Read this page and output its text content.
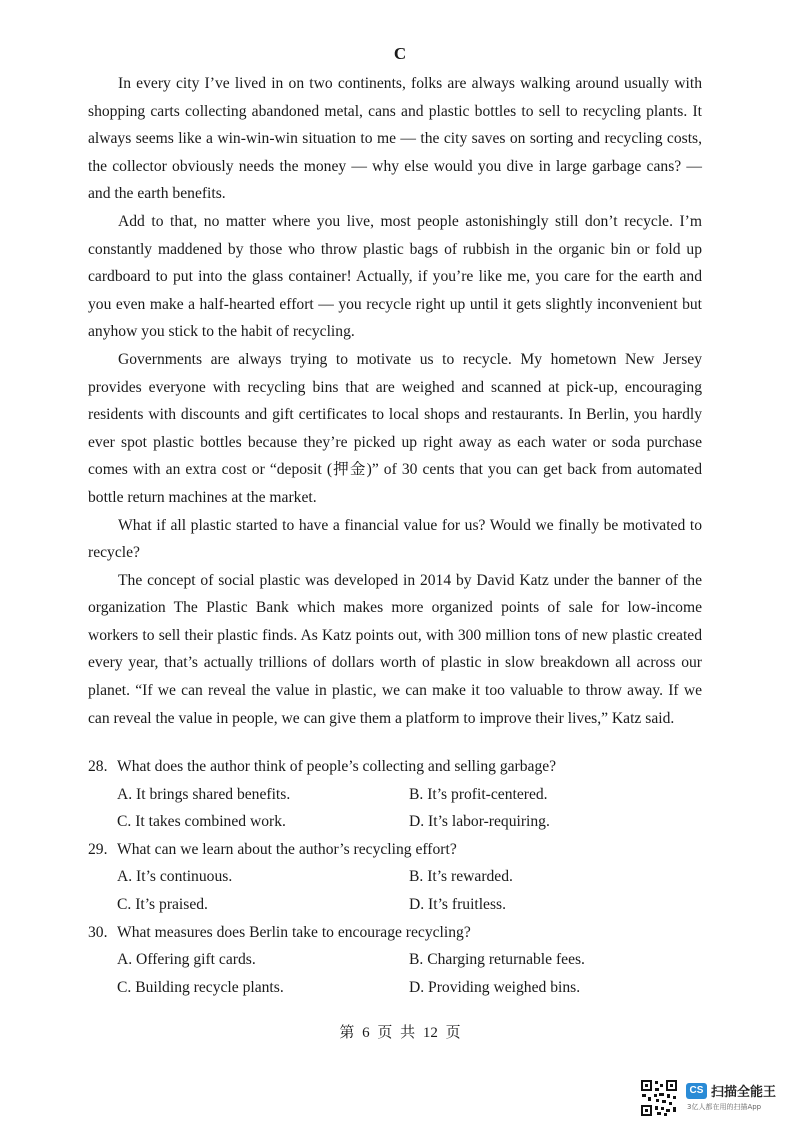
C

In every city I’ve lived in on two continents, folks are always walking around usually with shopping carts collecting abandoned metal, cans and plastic bottles to sell to recycling plants. It always seems like a win-win-win situation to me — the city saves on sorting and recycling costs, the collector obviously needs the money — why else would you dive in large garbage cans? — and the earth benefits.

Add to that, no matter where you live, most people astonishingly still don’t recycle. I’m constantly maddened by those who throw plastic bags of rubbish in the organic bin or fold up cardboard to put into the glass container! Actually, if you’re like me, you care for the earth and you even make a half-hearted effort — you recycle right up until it gets slightly inconvenient but anyhow you stick to the habit of recycling.

Governments are always trying to motivate us to recycle. My hometown New Jersey provides everyone with recycling bins that are weighed and scanned at pick-up, encouraging residents with discounts and gift certificates to local shops and restaurants. In Berlin, you hardly ever spot plastic bottles because they’re picked up right away as each water or soda purchase comes with an extra cost or “deposit (押金)” of 30 cents that you can get back from automated bottle return machines at the market.

What if all plastic started to have a financial value for us? Would we finally be motivated to recycle?

The concept of social plastic was developed in 2014 by David Katz under the banner of the organization The Plastic Bank which makes more organized points of sale for low-income workers to sell their plastic finds. As Katz points out, with 300 million tons of new plastic created every year, that’s actually trillions of dollars worth of plastic in slow breakdown all across our planet. “If we can reveal the value in plastic, we can make it too valuable to throw away. If we can reveal the value in people, we can give them a platform to improve their lives,” Katz said.

28. What does the author think of people’s collecting and selling garbage?
A. It brings shared benefits.	B. It’s profit-centered.
C. It takes combined work.	D. It’s labor-requiring.
29. What can we learn about the author’s recycling effort?
A. It’s continuous.	B. It’s rewarded.
C. It’s praised.	D. It’s fruitless.
30. What measures does Berlin take to encourage recycling?
A. Offering gift cards.	B. Charging returnable fees.
C. Building recycle plants.	D. Providing weighed bins.
第 6 页 共 12 页
CS 扫描全能王
3亿人都在用的扫描App
